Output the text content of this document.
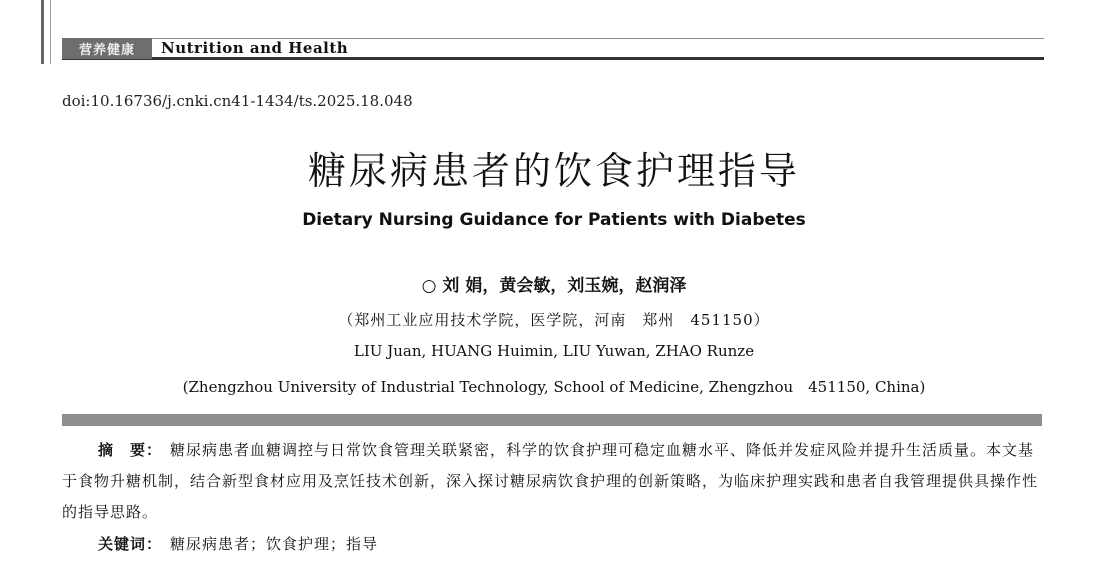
营养健康	Nutrition and Health
doi:10.16736/j.cnki.cn41-1434/ts.2025.18.048
糖尿病患者的饮食护理指导
Dietary Nursing Guidance for Patients with Diabetes
○ 刘 娟，黄会敏，刘玉婉，赵润泽
（郑州工业应用技术学院，医学院，河南　郑州　451150）
LIU Juan, HUANG Huimin, LIU Yuwan, ZHAO Runze
(Zhengzhou University of Industrial Technology, School of Medicine, Zhengzhou　451150, China)
摘　要： 糖尿病患者血糖调控与日常饮食管理关联紧密，科学的饮食护理可稳定血糖水平、降低并发症风险并提升生活质量。本文基于食物升糖机制，结合新型食材应用及烹饪技术创新，深入探讨糖尿病饮食护理的创新策略，为临床护理实践和患者自我管理提供具操作性的指导思路。
关键词： 糖尿病患者；饮食护理；指导
